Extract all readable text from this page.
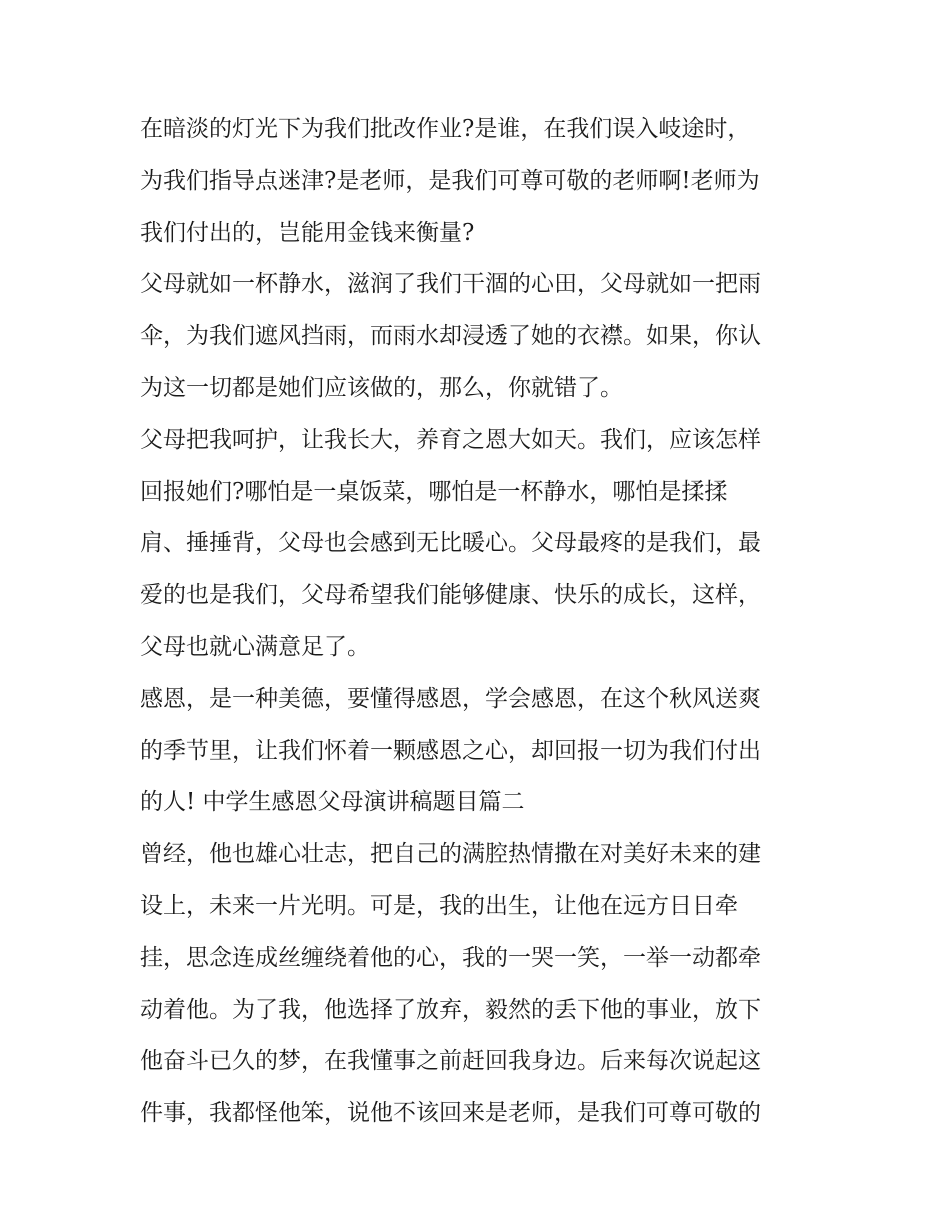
在暗淡的灯光下为我们批改作业?是谁，在我们误入岐途时，
为我们指导点迷津?是老师，是我们可尊可敬的老师啊!老师为
我们付出的，岂能用金钱来衡量?
父母就如一杯静水，滋润了我们干涸的心田，父母就如一把雨
伞，为我们遮风挡雨，而雨水却浸透了她的衣襟。如果，你认
为这一切都是她们应该做的，那么，你就错了。
父母把我呵护，让我长大，养育之恩大如天。我们，应该怎样
回报她们?哪怕是一桌饭菜，哪怕是一杯静水，哪怕是揉揉
肩、捶捶背，父母也会感到无比暖心。父母最疼的是我们，最
爱的也是我们，父母希望我们能够健康、快乐的成长，这样，
父母也就心满意足了。
感恩，是一种美德，要懂得感恩，学会感恩，在这个秋风送爽
的季节里，让我们怀着一颗感恩之心，却回报一切为我们付出
的人! 中学生感恩父母演讲稿题目篇二
曾经，他也雄心壮志，把自己的满腔热情撒在对美好未来的建
设上，未来一片光明。可是，我的出生，让他在远方日日牵
挂，思念连成丝缠绕着他的心，我的一哭一笑，一举一动都牵
动着他。为了我，他选择了放弃，毅然的丢下他的事业，放下
他奋斗已久的梦，在我懂事之前赶回我身边。后来每次说起这
件事，我都怪他笨，说他不该回来是老师，是我们可尊可敬的
